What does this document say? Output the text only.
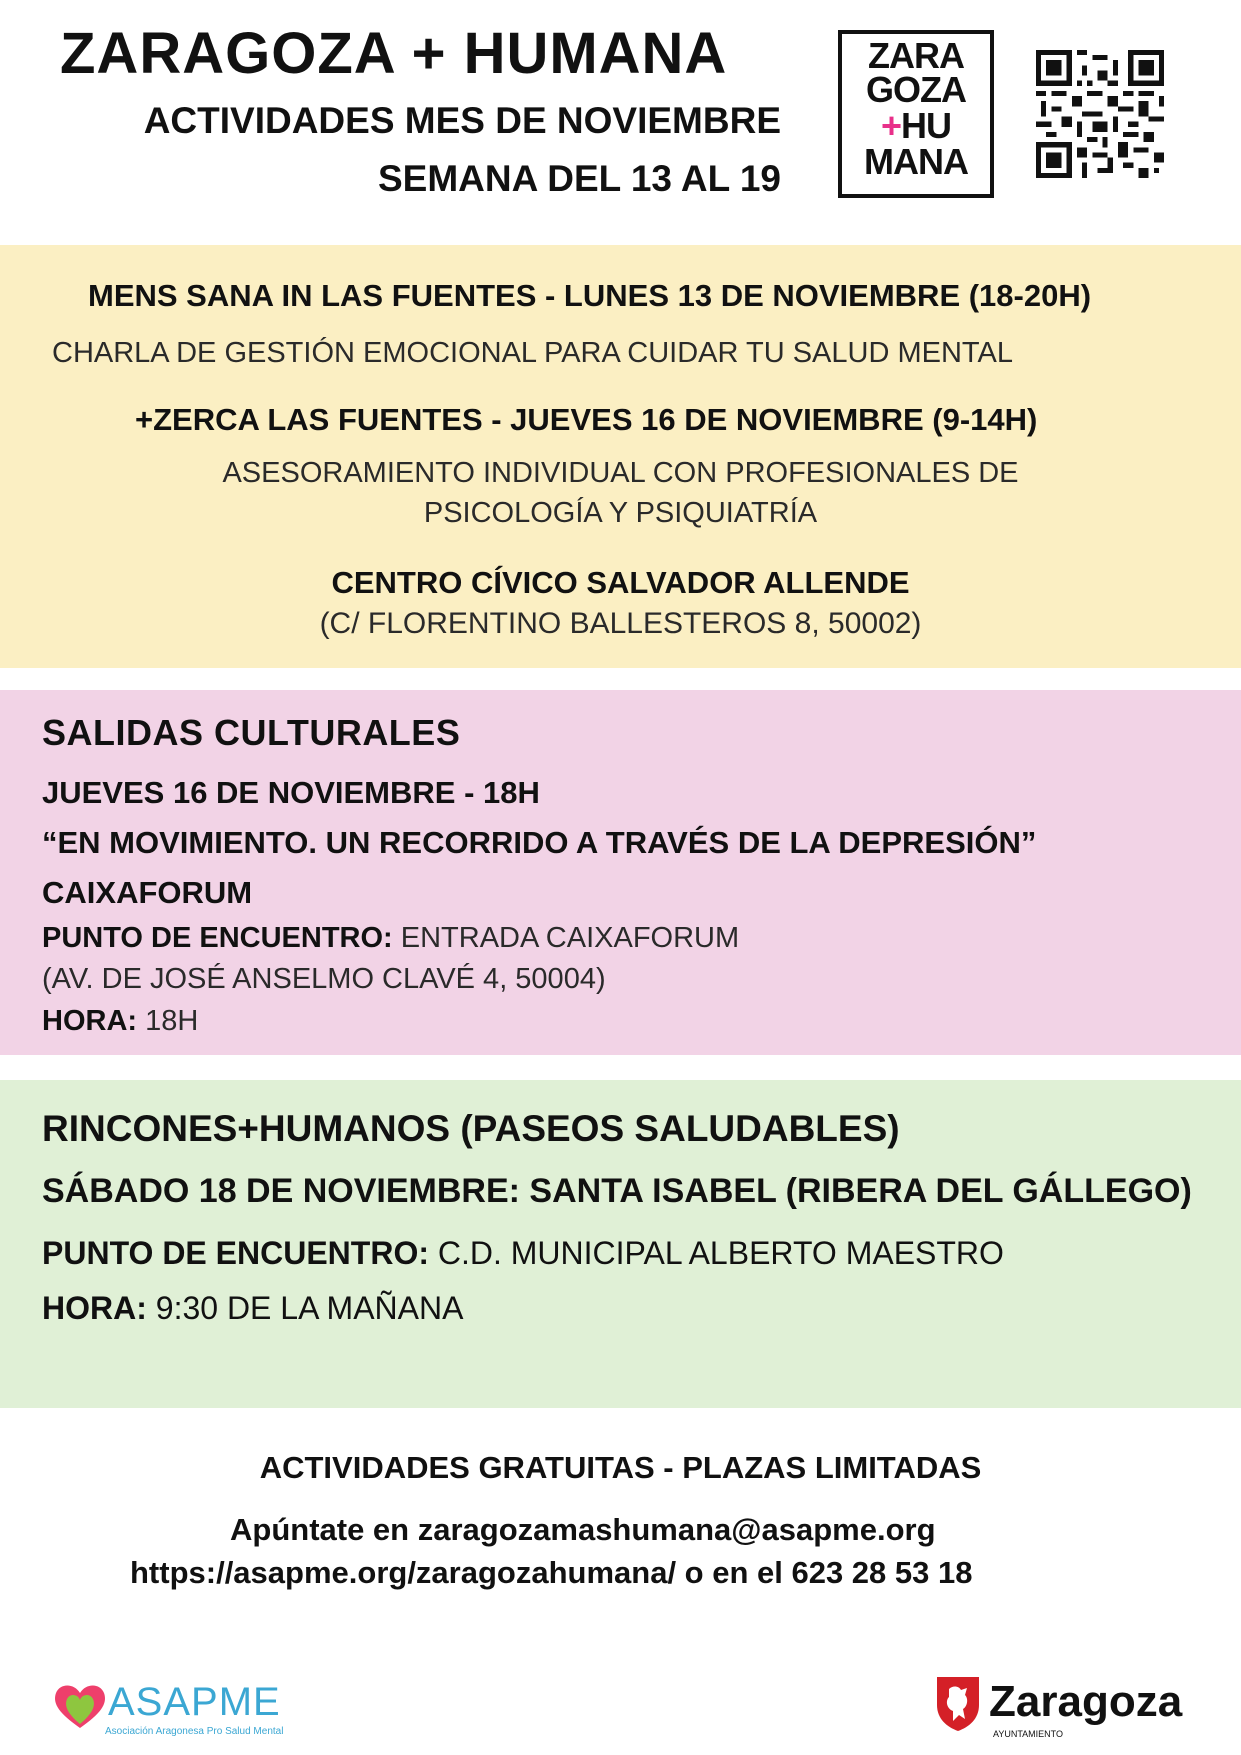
ZARAGOZA + HUMANA
ACTIVIDADES MES DE NOVIEMBRE
SEMANA DEL 13 AL 19
ZARA
GOZA
+HU
MANA
MENS SANA IN LAS FUENTES - LUNES 13 DE NOVIEMBRE (18-20H)
CHARLA DE GESTIÓN EMOCIONAL PARA CUIDAR TU SALUD MENTAL
+ZERCA LAS FUENTES - JUEVES 16 DE NOVIEMBRE (9-14H)
ASESORAMIENTO INDIVIDUAL CON PROFESIONALES DE
PSICOLOGÍA Y PSIQUIATRÍA
CENTRO CÍVICO SALVADOR ALLENDE
(C/ FLORENTINO BALLESTEROS 8, 50002)
SALIDAS CULTURALES
JUEVES 16 DE NOVIEMBRE - 18H
“EN MOVIMIENTO. UN RECORRIDO A TRAVÉS DE LA DEPRESIÓN”
CAIXAFORUM
PUNTO DE ENCUENTRO: ENTRADA CAIXAFORUM
(AV. DE JOSÉ ANSELMO CLAVÉ 4, 50004)
HORA: 18H
RINCONES+HUMANOS (PASEOS SALUDABLES)
SÁBADO 18 DE NOVIEMBRE: SANTA ISABEL (RIBERA DEL GÁLLEGO)
PUNTO DE ENCUENTRO: C.D. MUNICIPAL ALBERTO MAESTRO
HORA: 9:30 DE LA MAÑANA
ACTIVIDADES GRATUITAS - PLAZAS LIMITADAS
Apúntate en zaragozamashumana@asapme.org
https://asapme.org/zaragozahumana/ o en el 623 28 53 18
ASAPME
Asociación Aragonesa Pro Salud Mental
Zaragoza
AYUNTAMIENTO
